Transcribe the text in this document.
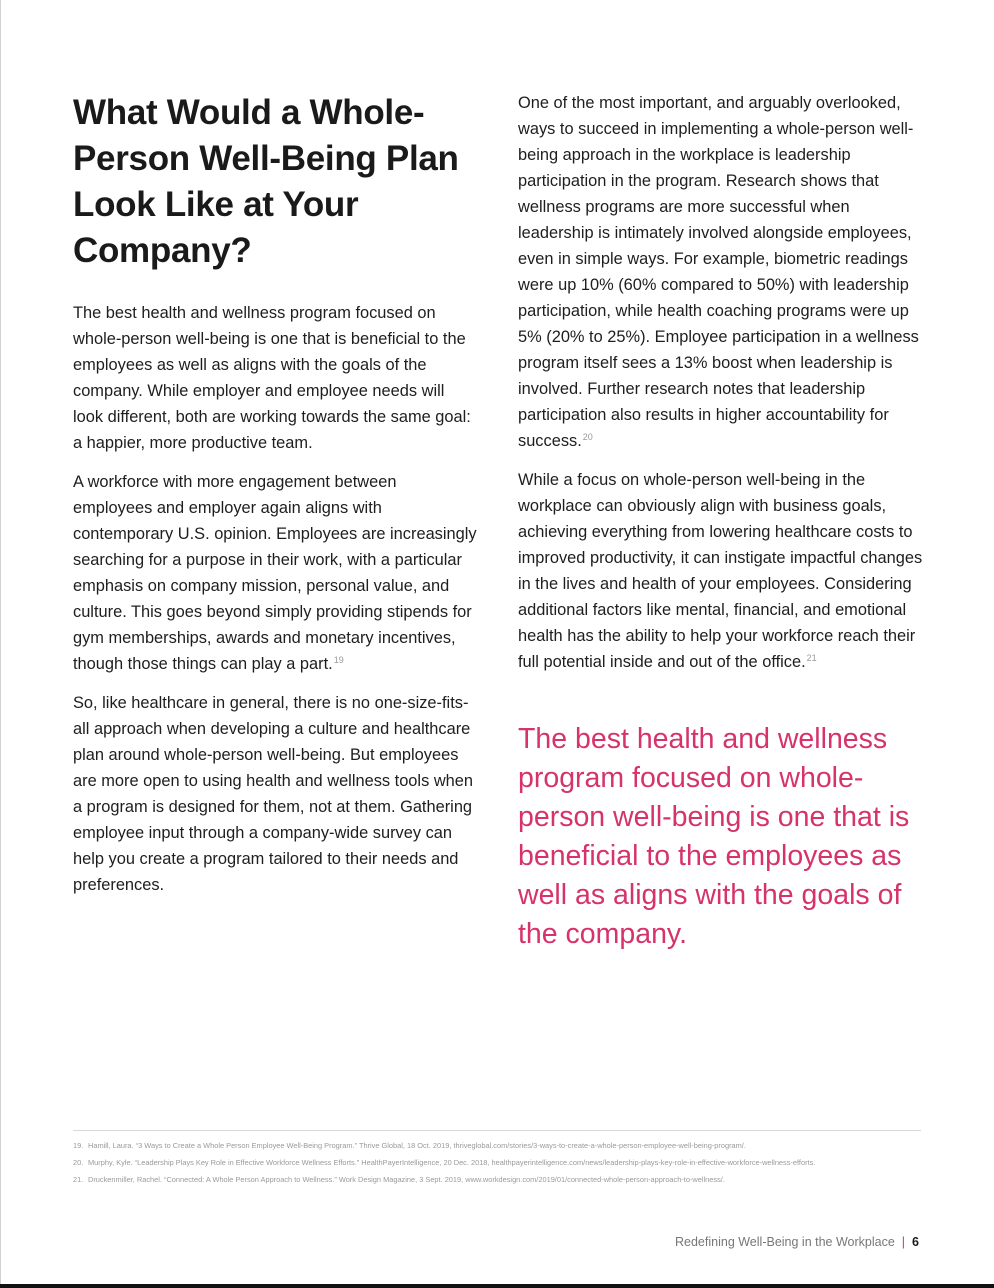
What Would a Whole-Person Well-Being Plan Look Like at Your Company?

The best health and wellness program focused on whole-person well-being is one that is beneficial to the employees as well as aligns with the goals of the company. While employer and employee needs will look different, both are working towards the same goal: a happier, more productive team.

A workforce with more engagement between employees and employer again aligns with contemporary U.S. opinion. Employees are increasingly searching for a purpose in their work, with a particular emphasis on company mission, personal value, and culture. This goes beyond simply providing stipends for gym memberships, awards and monetary incentives, though those things can play a part.$^{19}$

So, like healthcare in general, there is no one-size-fits-all approach when developing a culture and healthcare plan around whole-person well-being. But employees are more open to using health and wellness tools when a program is designed for them, not at them. Gathering employee input through a company-wide survey can help you create a program tailored to their needs and preferences.

One of the most important, and arguably overlooked, ways to succeed in implementing a whole-person well-being approach in the workplace is leadership participation in the program. Research shows that wellness programs are more successful when leadership is intimately involved alongside employees, even in simple ways. For example, biometric readings were up 10% (60% compared to 50%) with leadership participation, while health coaching programs were up 5% (20% to 25%). Employee participation in a wellness program itself sees a 13% boost when leadership is involved. Further research notes that leadership participation also results in higher accountability for success.$^{20}$

While a focus on whole-person well-being in the workplace can obviously align with business goals, achieving everything from lowering healthcare costs to improved productivity, it can instigate impactful changes in the lives and health of your employees. Considering additional factors like mental, financial, and emotional health has the ability to help your workforce reach their full potential inside and out of the office.$^{21}$

The best health and wellness program focused on whole-person well-being is one that is beneficial to the employees as well as aligns with the goals of the company.
19. Hamill, Laura. “3 Ways to Create a Whole Person Employee Well-Being Program.” Thrive Global, 18 Oct. 2019, thriveglobal.com/stories/3-ways-to-create-a-whole-person-employee-well-being-program/.
20. Murphy, Kyle. “Leadership Plays Key Role in Effective Workforce Wellness Efforts.” HealthPayerIntelligence, 20 Dec. 2018, healthpayerintelligence.com/news/leadership-plays-key-role-in-effective-workforce-wellness-efforts.
21. Druckenmiller, Rachel. “Connected: A Whole Person Approach to Wellness.” Work Design Magazine, 3 Sept. 2019, www.workdesign.com/2019/01/connected-whole-person-approach-to-wellness/.
Redefining Well-Being in the Workplace | 6
